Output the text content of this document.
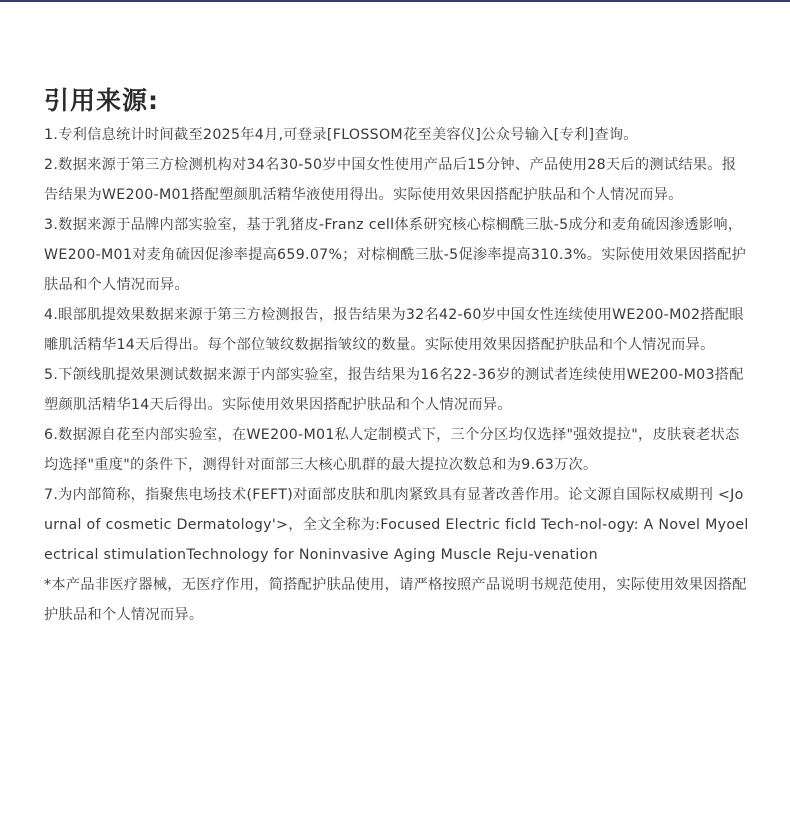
引用来源:
1.专利信息统计时间截至2025年4月,可登录[FLOSSOM花至美容仪]公众号输入[专利]查询。
2.数据来源于第三方检测机构对34名30-50岁中国女性使用产品后15分钟、产品使用28天后的测试结果。报告结果为WE200-M01搭配塑颜肌活精华液使用得出。实际使用效果因搭配护肤品和个人情况而异。
3.数据来源于品牌内部实验室，基于乳猪皮-Franz cell体系研究核心棕榈酰三肽-5成分和麦角硫因渗透影响，WE200-M01对麦角硫因促渗率提高659.07%；对棕榈酰三肽-5促渗率提高310.3%。实际使用效果因搭配护肤品和个人情况而异。
4.眼部肌提效果数据来源于第三方检测报告，报告结果为32名42-60岁中国女性连续使用WE200-M02搭配眼雕肌活精华14天后得出。每个部位皱纹数据指皱纹的数量。实际使用效果因搭配护肤品和个人情况而异。
5.下颌线肌提效果测试数据来源于内部实验室，报告结果为16名22-36岁的测试者连续使用WE200-M03搭配塑颜肌活精华14天后得出。实际使用效果因搭配护肤品和个人情况而异。
6.数据源自花至内部实验室，在WE200-M01私人定制模式下，三个分区均仅选择"强效提拉"，皮肤衰老状态均选择"重度"的条件下，测得针对面部三大核心肌群的最大提拉次数总和为9.63万次。
7.为内部简称，指聚焦电场技术(FEFT)对面部皮肤和肌肉紧致具有显著改善作用。论文源自国际权威期刊 <Journal of cosmetic Dermatology'>，全文全称为:Focused Electric ficld Tech-nol-ogy: A Novel Myoelectrical stimulationTechnology for Noninvasive Aging Muscle Reju-venation
*本产品非医疗器械，无医疗作用，简搭配护肤品使用，请严格按照产品说明书规范使用，实际使用效果因搭配护肤品和个人情况而异。
